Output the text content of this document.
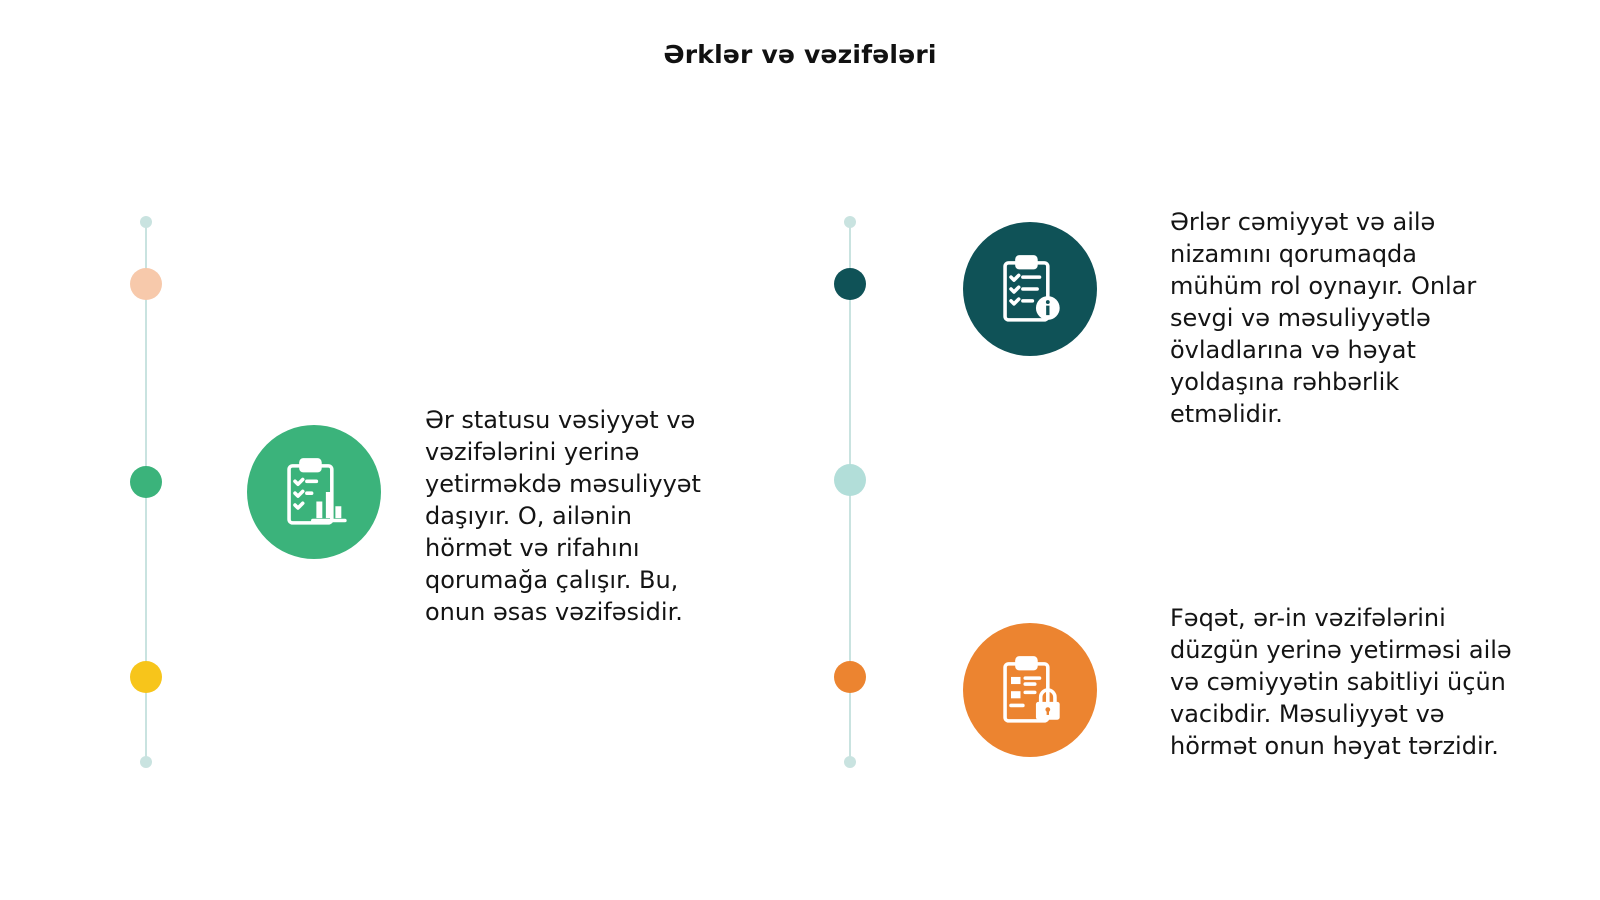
Ərklər və vəzifələri
Ər statusu vəsiyyət və
vəzifələrini yerinə
yetirməkdə məsuliyyət
daşıyır. O, ailənin
hörmət və rifahını
qorumağa çalışır. Bu,
onun əsas vəzifəsidir.
Ərlər cəmiyyət və ailə
nizamını qorumaqda
mühüm rol oynayır. Onlar
sevgi və məsuliyyətlə
övladlarına və həyat
yoldaşına rəhbərlik
etməlidir.
Fəqət, ər-in vəzifələrini
düzgün yerinə yetirməsi ailə
və cəmiyyətin sabitliyi üçün
vacibdir. Məsuliyyət və
hörmət onun həyat tərzidir.
